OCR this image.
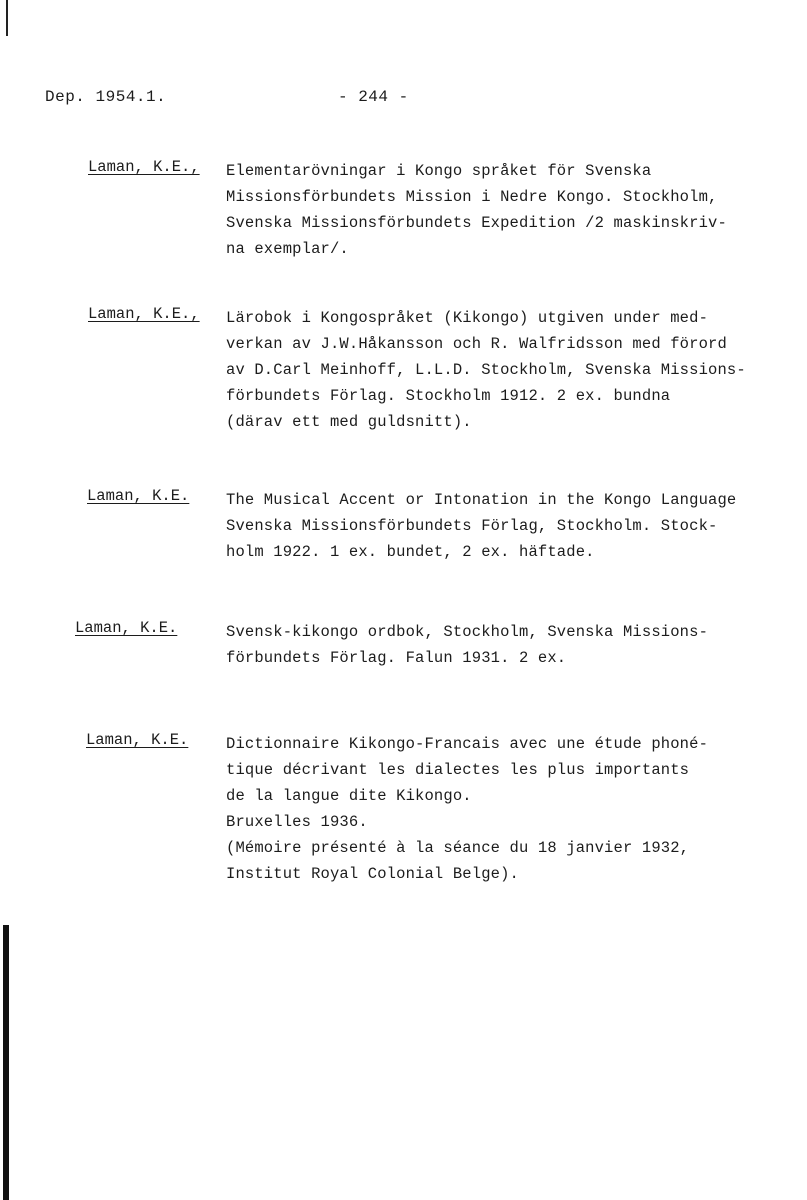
Dep. 1954.1.	- 244 -
Laman, K.E., Elementarövningar i Kongo språket för Svenska
Missionsförbundets Mission i Nedre Kongo. Stockholm,
Svenska Missionsförbundets Expedition /2 maskinskriv-
na exemplar/.
Laman, K.E., Lärobok i Kongospråket (Kikongo) utgiven under med-
verkan av J.W.Håkansson och R. Walfridsson med förord
av D.Carl Meinhoff, L.L.D. Stockholm, Svenska Missions-
förbundets Förlag. Stockholm 1912. 2 ex. bundna
(därav ett med guldsnitt).
Laman, K.E. The Musical Accent or Intonation in the Kongo Language
Svenska Missionsförbundets Förlag, Stockholm. Stock-
holm 1922. 1 ex. bundet, 2 ex. häftade.
Laman, K.E.	Svensk-kikongo ordbok, Stockholm, Svenska Missions-
förbundets Förlag. Falun 1931. 2 ex.
Laman, K.E. Dictionnaire Kikongo-Francais avec une étude phoné-
tique décrivant les dialectes les plus importants
de la langue dite Kikongo.
Bruxelles 1936.
(Mémoire présenté à la séance du 18 janvier 1932,
Institut Royal Colonial Belge).
